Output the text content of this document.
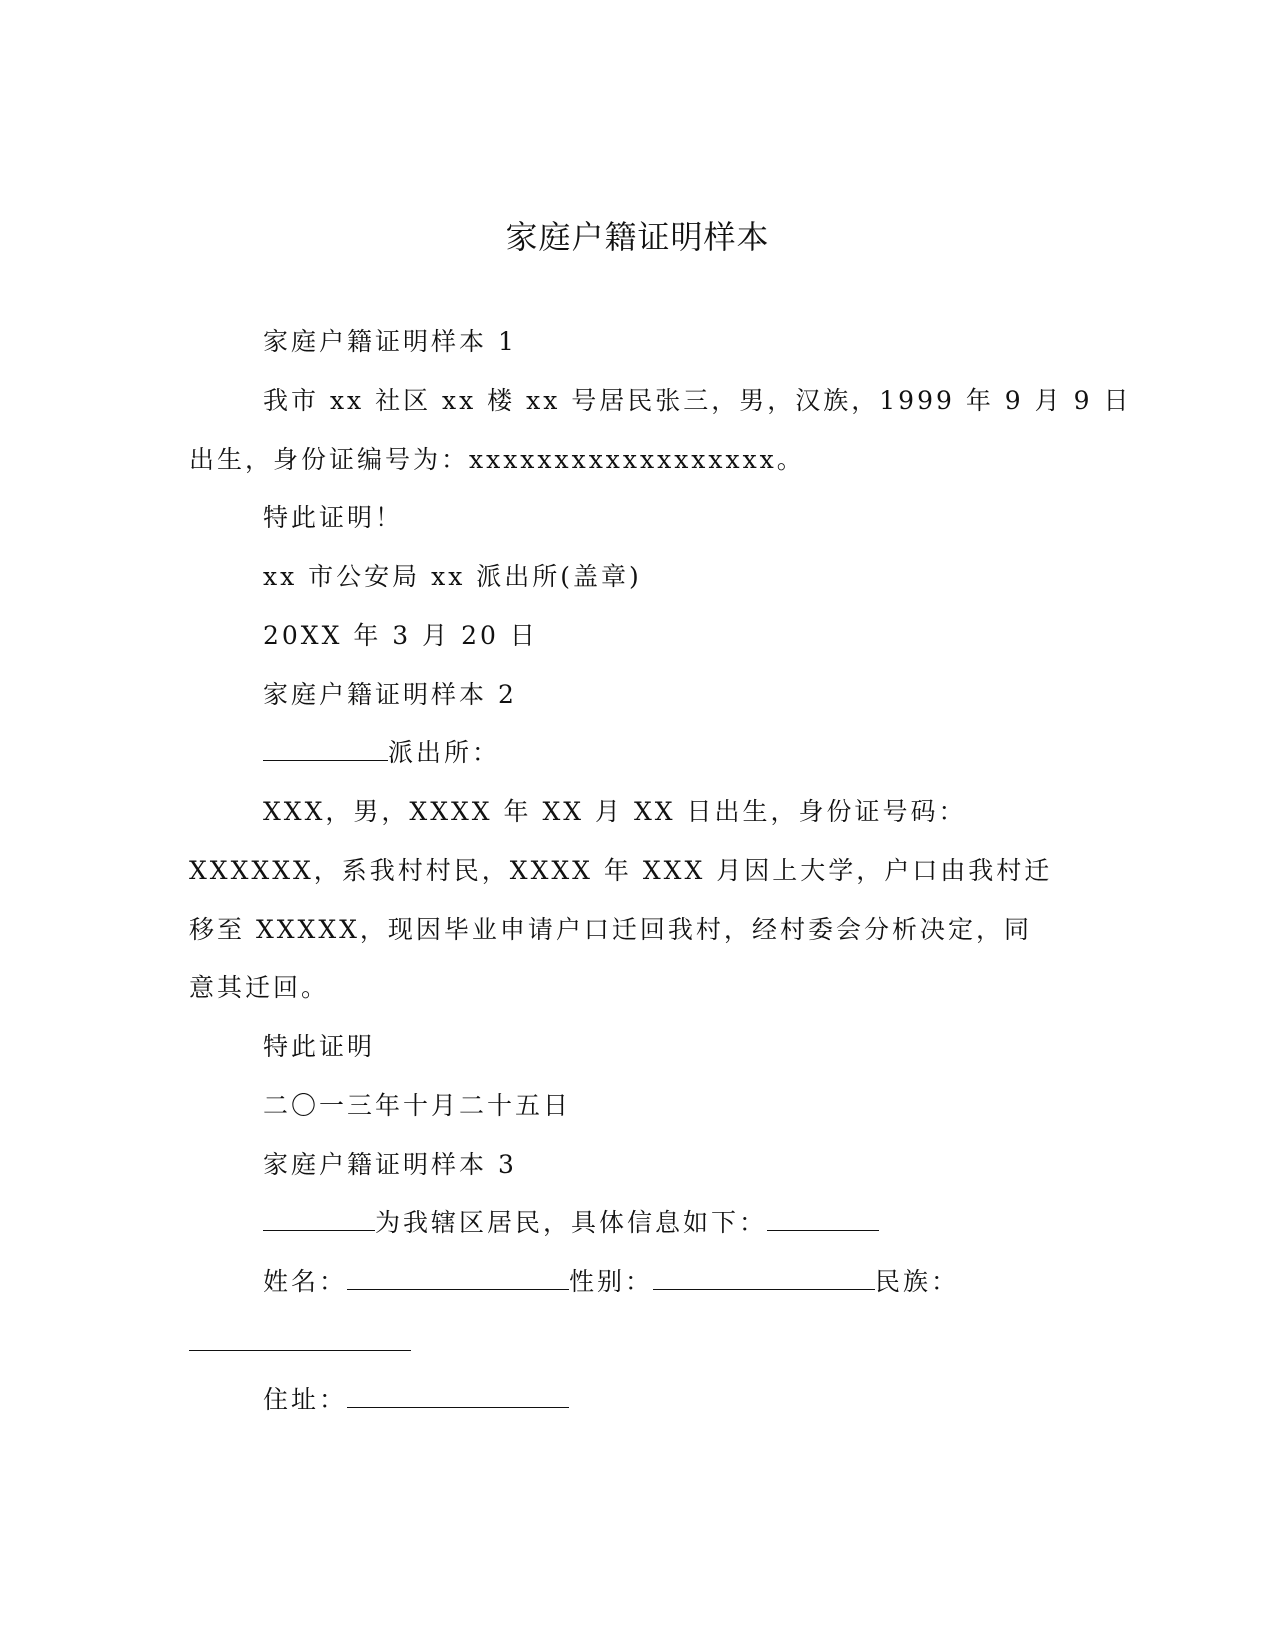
家庭户籍证明样本
家庭户籍证明样本 1
我市 xx 社区 xx 楼 xx 号居民张三，男，汉族，1999 年 9 月 9 日
出生，身份证编号为：xxxxxxxxxxxxxxxxxx。
特此证明！
xx 市公安局 xx 派出所(盖章)
20XX 年 3 月 20 日
家庭户籍证明样本 2
派出所：
XXX，男，XXXX 年 XX 月 XX 日出生，身份证号码：
XXXXXX，系我村村民，XXXX 年 XXX 月因上大学，户口由我村迁
移至 XXXXX，现因毕业申请户口迁回我村，经村委会分析决定，同
意其迁回。
特此证明
二〇一三年十月二十五日
家庭户籍证明样本 3
为我辖区居民，具体信息如下：
姓名：	性别：	民族：
住址：
